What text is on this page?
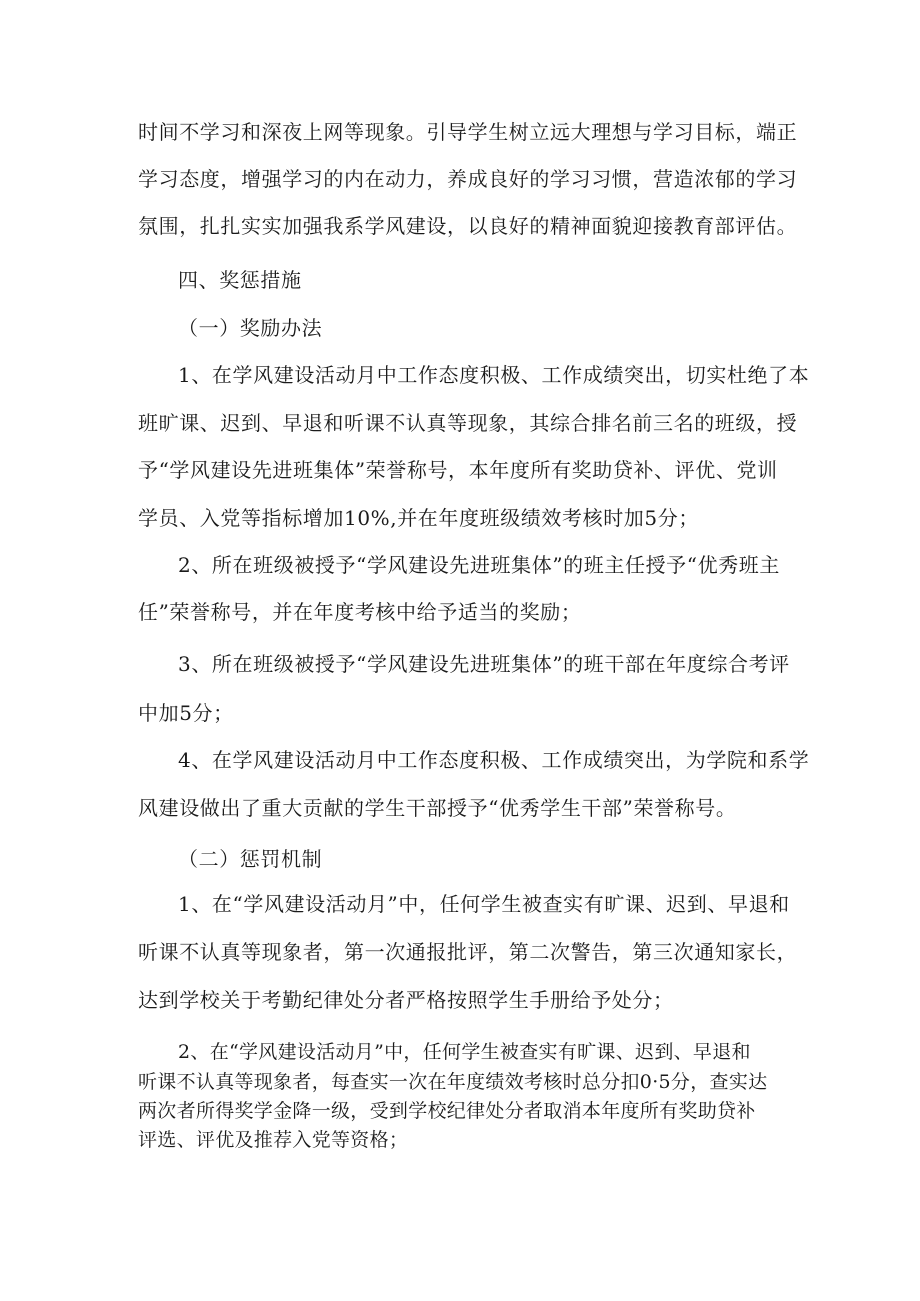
时间不学习和深夜上网等现象。引导学生树立远大理想与学习目标，端正
学习态度，增强学习的内在动力，养成良好的学习习惯，营造浓郁的学习
氛围，扎扎实实加强我系学风建设，以良好的精神面貌迎接教育部评估。
四、奖惩措施
（一）奖励办法
1、在学风建设活动月中工作态度积极、工作成绩突出，切实杜绝了本
班旷课、迟到、早退和听课不认真等现象，其综合排名前三名的班级，授
予“学风建设先进班集体”荣誉称号，本年度所有奖助贷补、评优、党训
学员、入党等指标增加10%,并在年度班级绩效考核时加5分；
2、所在班级被授予“学风建设先进班集体”的班主任授予“优秀班主
任”荣誉称号，并在年度考核中给予适当的奖励；
3、所在班级被授予“学风建设先进班集体”的班干部在年度综合考评
中加5分；
4、在学风建设活动月中工作态度积极、工作成绩突出，为学院和系学
风建设做出了重大贡献的学生干部授予“优秀学生干部”荣誉称号。
（二）惩罚机制
1、在“学风建设活动月”中，任何学生被查实有旷课、迟到、早退和
听课不认真等现象者，第一次通报批评，第二次警告，第三次通知家长，
达到学校关于考勤纪律处分者严格按照学生手册给予处分；
2、在“学风建设活动月”中，任何学生被查实有旷课、迟到、早退和
听课不认真等现象者，每查实一次在年度绩效考核时总分扣0·5分，查实达
两次者所得奖学金降一级，受到学校纪律处分者取消本年度所有奖助贷补
评选、评优及推荐入党等资格；
